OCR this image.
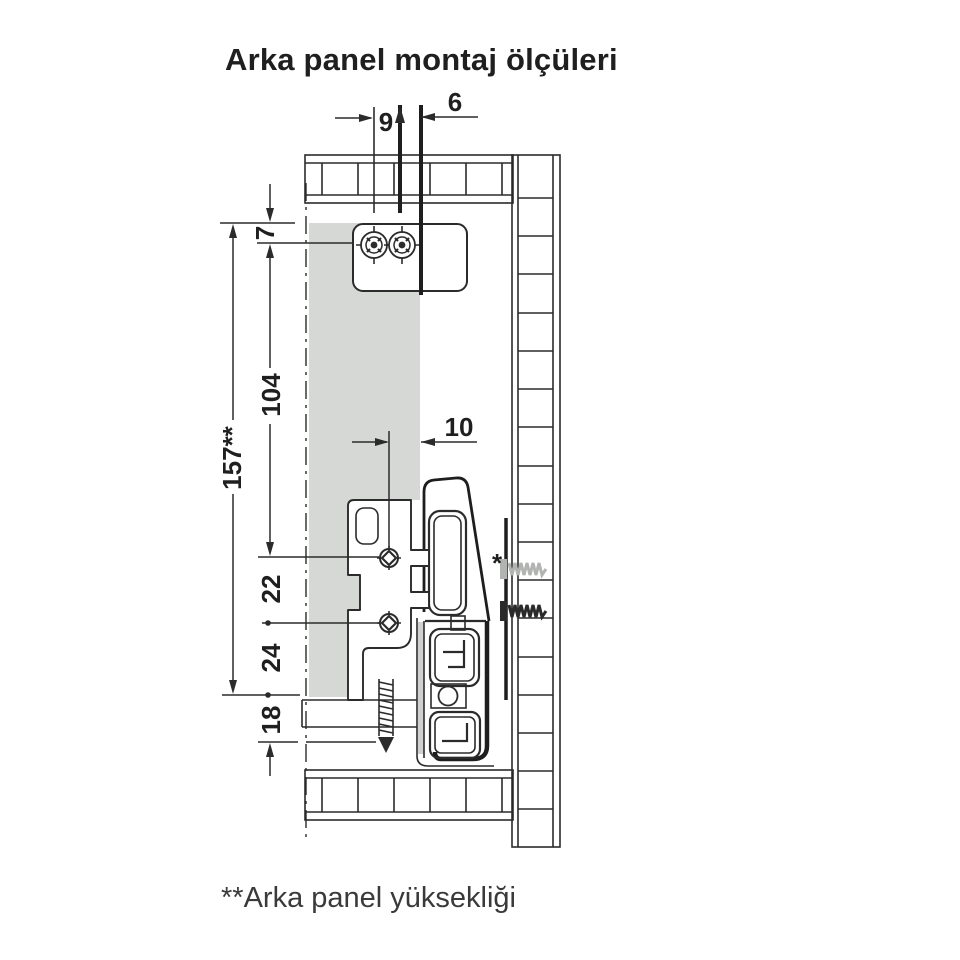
Arka panel montaj ölçüleri
*
9
6
10
7
104
157**
22
24
18
**Arka panel yüksekliği
